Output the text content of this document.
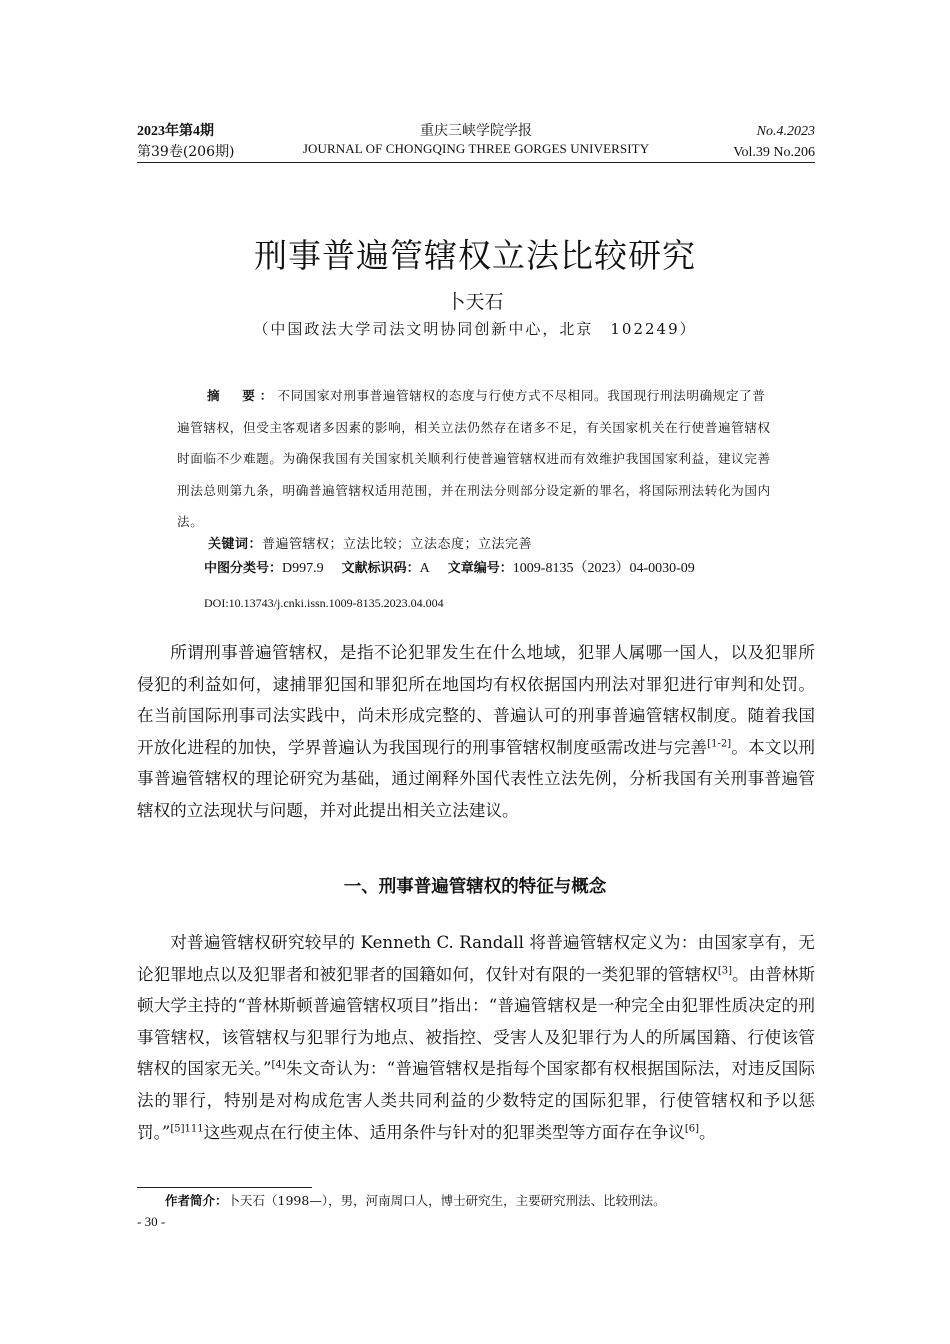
2023年第4期	重庆三峡学院学报	No.4.2023
第39卷(206期)	JOURNAL OF CHONGQING THREE GORGES UNIVERSITY	Vol.39 No.206
刑事普遍管辖权立法比较研究
卜天石
（中国政法大学司法文明协同创新中心，北京　102249）
摘　要：不同国家对刑事普遍管辖权的态度与行使方式不尽相同。我国现行刑法明确规定了普遍管辖权，但受主客观诸多因素的影响，相关立法仍然存在诸多不足，有关国家机关在行使普遍管辖权时面临不少难题。为确保我国有关国家机关顺利行使普遍管辖权进而有效维护我国国家利益，建议完善刑法总则第九条，明确普遍管辖权适用范围，并在刑法分则部分设定新的罪名，将国际刑法转化为国内法。
关键词：普遍管辖权；立法比较；立法态度；立法完善
中图分类号：D997.9 文献标识码：A 文章编号：1009-8135（2023）04-0030-09
DOI:10.13743/j.cnki.issn.1009-8135.2023.04.004
所谓刑事普遍管辖权，是指不论犯罪发生在什么地域，犯罪人属哪一国人，以及犯罪所侵犯的利益如何，逮捕罪犯国和罪犯所在地国均有权依据国内刑法对罪犯进行审判和处罚。在当前国际刑事司法实践中，尚未形成完整的、普遍认可的刑事普遍管辖权制度。随着我国开放化进程的加快，学界普遍认为我国现行的刑事管辖权制度亟需改进与完善[1-2]。本文以刑事普遍管辖权的理论研究为基础，通过阐释外国代表性立法先例，分析我国有关刑事普遍管辖权的立法现状与问题，并对此提出相关立法建议。
一、刑事普遍管辖权的特征与概念
对普遍管辖权研究较早的 Kenneth C. Randall 将普遍管辖权定义为：由国家享有，无论犯罪地点以及犯罪者和被犯罪者的国籍如何，仅针对有限的一类犯罪的管辖权[3]。由普林斯顿大学主持的“普林斯顿普遍管辖权项目”指出：“普遍管辖权是一种完全由犯罪性质决定的刑事管辖权，该管辖权与犯罪行为地点、被指控、受害人及犯罪行为人的所属国籍、行使该管辖权的国家无关。”[4]朱文奇认为：“普遍管辖权是指每个国家都有权根据国际法，对违反国际法的罪行，特别是对构成危害人类共同利益的少数特定的国际犯罪，行使管辖权和予以惩罚。”$^{[5]111}$这些观点在行使主体、适用条件与针对的犯罪类型等方面存在争议[6]。
作者简介：卜天石（1998—），男，河南周口人，博士研究生，主要研究刑法、比较刑法。
- 30 -
